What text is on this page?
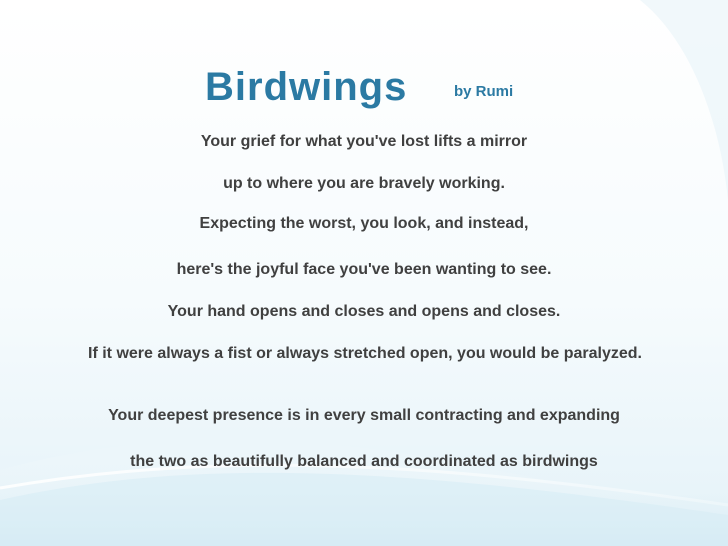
Birdwings	by Rumi
Your grief for what you've lost lifts a mirror
up to where you are bravely working.
Expecting the worst, you look, and instead,
here's the joyful face you've been wanting to see.
Your hand opens and closes and opens and closes.
If it were always a fist or always stretched open, you would be paralyzed.
Your deepest presence is in every small contracting and expanding
the two as beautifully balanced and coordinated as birdwings
